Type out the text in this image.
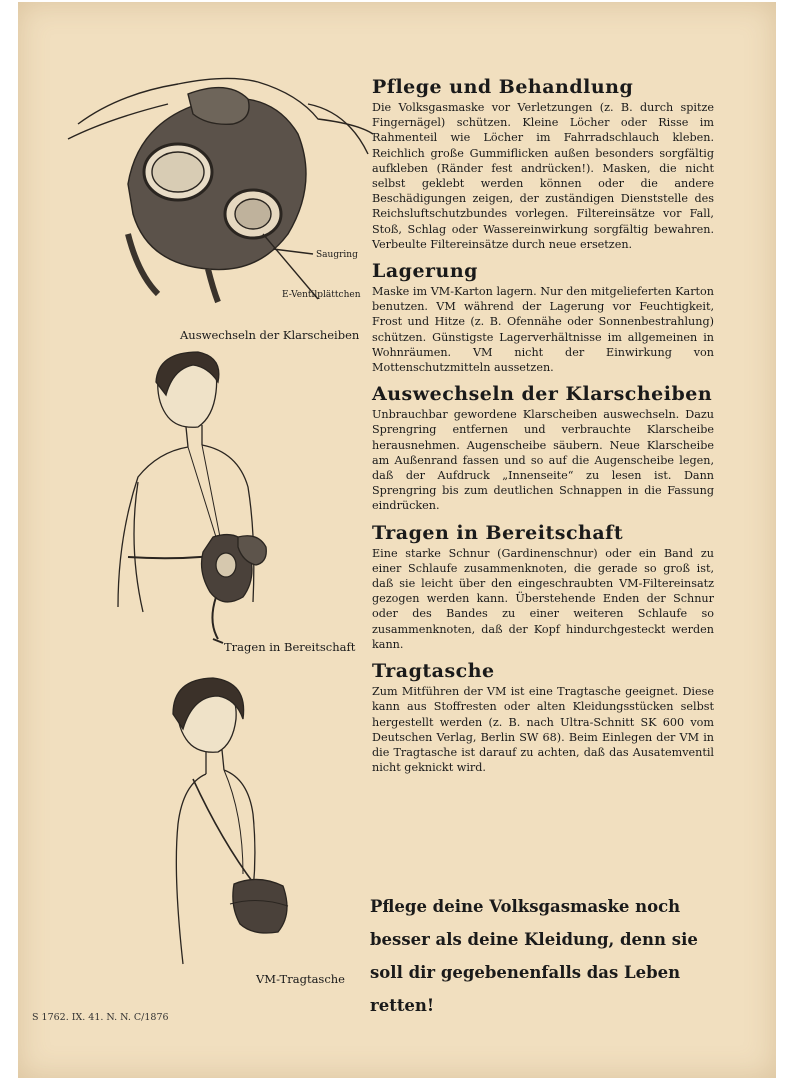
Saugring
E-Ventilplättchen
Auswechseln der Klarscheiben
Tragen in Bereitschaft
VM-Tragtasche
Pflege und Behandlung

Die Volksgasmaske vor Verletzungen (z. B. durch spitze Fingernägel) schützen. Kleine Löcher oder Risse im Rahmenteil wie Löcher im Fahrradschlauch kleben. Reichlich große Gummiflicken außen besonders sorgfältig aufkleben (Ränder fest andrücken!). Masken, die nicht selbst geklebt werden können oder die andere Beschädigungen zeigen, der zuständigen Dienststelle des Reichsluftschutzbundes vorlegen. Filtereinsätze vor Fall, Stoß, Schlag oder Wassereinwirkung sorgfältig bewahren. Verbeulte Filtereinsätze durch neue ersetzen.

Lagerung

Maske im VM-Karton lagern. Nur den mitgelieferten Karton benutzen. VM während der Lagerung vor Feuchtigkeit, Frost und Hitze (z. B. Ofennähe oder Sonnenbestrahlung) schützen. Günstigste Lagerverhältnisse im allgemeinen in Wohnräumen. VM nicht der Einwirkung von Mottenschutzmitteln aussetzen.

Auswechseln der Klarscheiben

Unbrauchbar gewordene Klarscheiben auswechseln. Dazu Sprengring entfernen und verbrauchte Klarscheibe herausnehmen. Augenscheibe säubern. Neue Klarscheibe am Außenrand fassen und so auf die Augenscheibe legen, daß der Aufdruck „Innenseite“ zu lesen ist. Dann Sprengring bis zum deutlichen Schnappen in die Fassung eindrücken.

Tragen in Bereitschaft

Eine starke Schnur (Gardinenschnur) oder ein Band zu einer Schlaufe zusammenknoten, die gerade so groß ist, daß sie leicht über den eingeschraubten VM-Filtereinsatz gezogen werden kann. Überstehende Enden der Schnur oder des Bandes zu einer weiteren Schlaufe so zusammenknoten, daß der Kopf hindurchgesteckt werden kann.

Tragtasche

Zum Mitführen der VM ist eine Tragtasche geeignet. Diese kann aus Stoffresten oder alten Kleidungsstücken selbst hergestellt werden (z. B. nach Ultra-Schnitt SK 600 vom Deutschen Verlag, Berlin SW 68). Beim Einlegen der VM in die Tragtasche ist darauf zu achten, daß das Ausatemventil nicht geknickt wird.

Pflege deine Volksgasmaske noch besser als deine Kleidung, denn sie soll dir gegebenenfalls das Leben retten!
S 1762. IX. 41. N. N. C/1876
